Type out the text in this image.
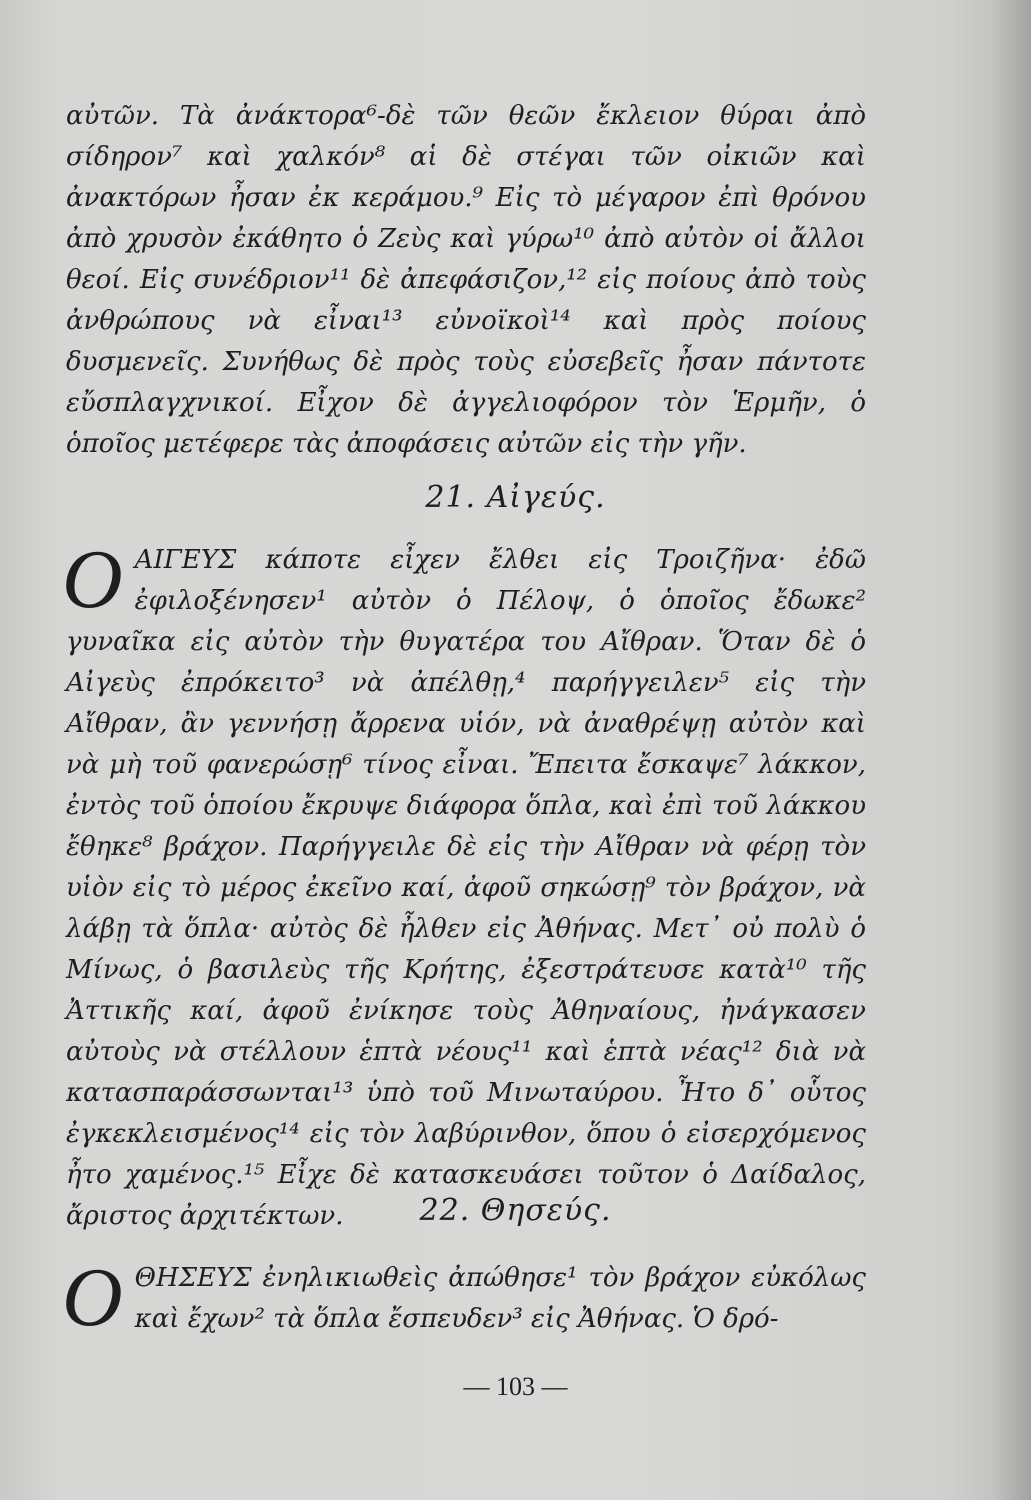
αὐτῶν. Τὰ ἀνάκτορα⁶-δὲ τῶν θεῶν ἔκλειον θύραι ἀπὸ σίδηρον⁷ καὶ χαλκόν⁸ αἱ δὲ στέγαι τῶν οἰκιῶν καὶ ἀνακτόρων ἦσαν ἐκ κεράμου.⁹ Εἰς τὸ μέγαρον ἐπὶ θρόνου ἀπὸ χρυσὸν ἐκάθητο ὁ Ζεὺς καὶ γύρω¹⁰ ἀπὸ αὐτὸν οἱ ἄλλοι θεοί. Εἰς συνέδριον¹¹ δὲ ἀπεφάσιζον,¹² εἰς ποίους ἀπὸ τοὺς ἀνθρώπους νὰ εἶναι¹³ εὐνοϊκοὶ¹⁴ καὶ πρὸς ποίους δυσμενεῖς. Συνήθως δὲ πρὸς τοὺς εὐσεβεῖς ἦσαν πάντοτε εὔσπλαγχνικοί. Εἶχον δὲ ἀγγελιοφόρον τὸν Ἑρμῆν, ὁ ὁποῖος μετέφερε τὰς ἀποφάσεις αὐτῶν εἰς τὴν γῆν.

21. Αἰγεύς.
Ο ΑΙΓΕΥΣ κάποτε εἶχεν ἔλθει εἰς Τροιζῆνα· ἐδῶ ἐφιλοξένησεν¹ αὐτὸν ὁ Πέλοψ, ὁ ὁποῖος ἔδωκε² γυναῖκα εἰς αὐτὸν τὴν θυγατέρα του Αἴθραν. Ὅταν δὲ ὁ Αἰγεὺς ἐπρόκειτο³ νὰ ἀπέλθῃ,⁴ παρήγγειλεν⁵ εἰς τὴν Αἴθραν, ἂν γεννήσῃ ἄρρενα υἱόν, νὰ ἀναθρέψῃ αὐτὸν καὶ νὰ μὴ τοῦ φανερώσῃ⁶ τίνος εἶναι. Ἔπειτα ἔσκαψε⁷ λάκκον, ἐντὸς τοῦ ὁποίου ἔκρυψε διάφορα ὅπλα, καὶ ἐπὶ τοῦ λάκκου ἔθηκε⁸ βράχον. Παρήγγειλε δὲ εἰς τὴν Αἴθραν νὰ φέρῃ τὸν υἱὸν εἰς τὸ μέρος ἐκεῖνο καί, ἀφοῦ σηκώσῃ⁹ τὸν βράχον, νὰ λάβῃ τὰ ὅπλα· αὐτὸς δὲ ἦλθεν εἰς Ἀθήνας. Μετ᾽ οὐ πολὺ ὁ Μίνως, ὁ βασιλεὺς τῆς Κρήτης, ἐξεστράτευσε κατὰ¹⁰ τῆς Ἀττικῆς καί, ἀφοῦ ἐνίκησε τοὺς Ἀθηναίους, ἠνάγκασεν αὐτοὺς νὰ στέλλουν ἑπτὰ νέους¹¹ καὶ ἑπτὰ νέας¹² διὰ νὰ κατασπαράσσωνται¹³ ὑπὸ τοῦ Μινωταύρου. Ἦτο δ᾽ οὗτος ἐγκεκλεισμένος¹⁴ εἰς τὸν λαβύρινθον, ὅπου ὁ εἰσερχόμενος ἦτο χαμένος.¹⁵ Εἶχε δὲ κατασκευάσει τοῦτον ὁ Δαίδαλος, ἄριστος ἀρχιτέκτων.	22. Θησεύς.
Ο ΘΗΣΕΥΣ ἐνηλικιωθεὶς ἀπώθησε¹ τὸν βράχον εὐκόλως καὶ ἔχων² τὰ ὅπλα ἔσπευδεν³ εἰς Ἀθήνας. Ὁ δρό-
— 103 —
